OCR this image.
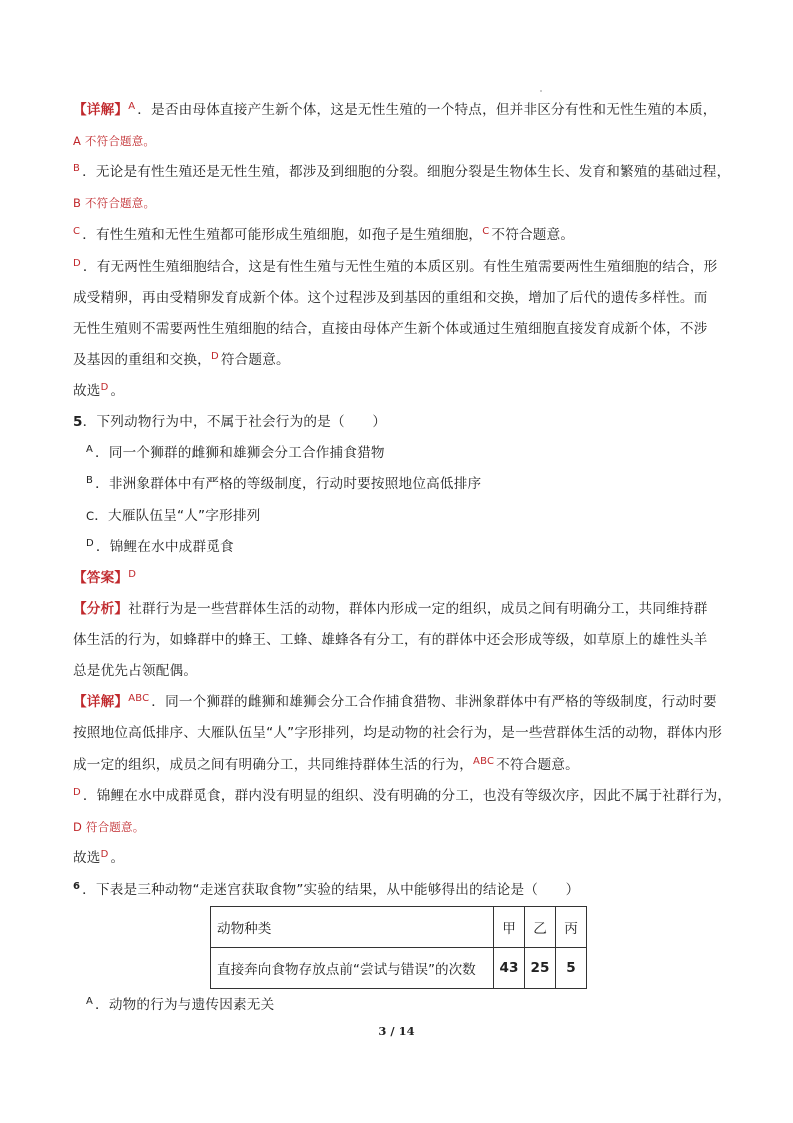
【详解】$^A$ ．是否由母体直接产生新个体，这是无性生殖的一个特点，但并非区分有性和无性生殖的本质，
A 不符合题意。
$^B$ ．无论是有性生殖还是无性生殖，都涉及到细胞的分裂。细胞分裂是生物体生长、发育和繁殖的基础过程，
B 不符合题意。
$^C$ ．有性生殖和无性生殖都可能形成生殖细胞，如孢子是生殖细胞，$^C$ 不符合题意。
$^D$ ．有无两性生殖细胞结合，这是有性生殖与无性生殖的本质区别。有性生殖需要两性生殖细胞的结合，形
成受精卵，再由受精卵发育成新个体。这个过程涉及到基因的重组和交换，增加了后代的遗传多样性。而
无性生殖则不需要两性生殖细胞的结合，直接由母体产生新个体或通过生殖细胞直接发育成新个体，不涉
及基因的重组和交换，$^D$ 符合题意。
故选$^D$ 。
5．下列动物行为中，不属于社会行为的是（　　）
$^A$ ．同一个狮群的雌狮和雄狮会分工合作捕食猎物
$^B$ ．非洲象群体中有严格的等级制度，行动时要按照地位高低排序
C．大雁队伍呈“人”字形排列
$^D$ ．锦鲤在水中成群觅食
【答案】$^D$
【分析】社群行为是一些营群体生活的动物，群体内形成一定的组织，成员之间有明确分工，共同维持群
体生活的行为，如蜂群中的蜂王、工蜂、雄蜂各有分工，有的群体中还会形成等级，如草原上的雄性头羊
总是优先占领配偶。
【详解】$^{ABC}$ ．同一个狮群的雌狮和雄狮会分工合作捕食猎物、非洲象群体中有严格的等级制度，行动时要
按照地位高低排序、大雁队伍呈“人”字形排列，均是动物的社会行为，是一些营群体生活的动物，群体内形
成一定的组织，成员之间有明确分工，共同维持群体生活的行为，$^{ABC}$ 不符合题意。
$^D$ ．锦鲤在水中成群觅食，群内没有明显的组织、没有明确的分工，也没有等级次序，因此不属于社群行为，
D 符合题意。
故选$^D$ 。
$^6$ ．下表是三种动物“走迷宫获取食物”实验的结果，从中能够得出的结论是（　　）
动物种类	甲	乙	丙
直接奔向食物存放点前“尝试与错误”的次数	43	25	5
$^A$ ．动物的行为与遗传因素无关
3 / 14
